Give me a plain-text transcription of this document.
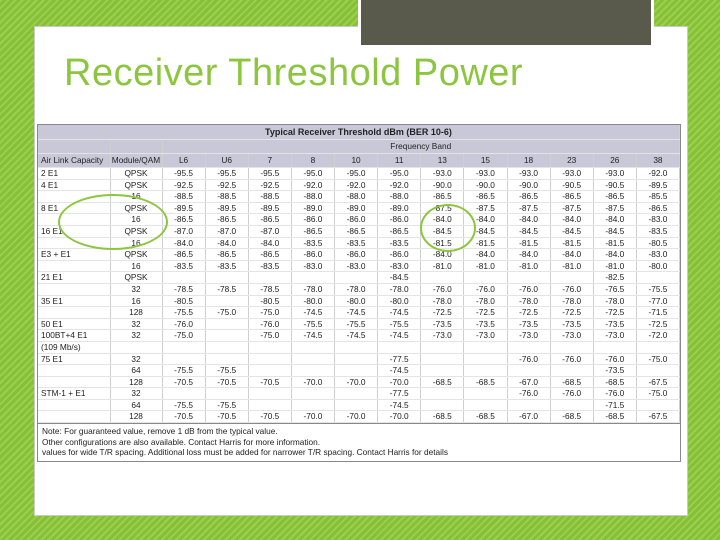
Receiver Threshold Power
Typical Receiver Threshold dBm (BER 10-6)													
		Frequency Band											
Air Link Capacity	Module/QAM	L6	U6	7	8	10	11	13	15	18	23	26	38
2 E1	QPSK	-95.5	-95.5	-95.5	-95.0	-95.0	-95.0	-93.0	-93.0	-93.0	-93.0	-93.0	-92.0
4 E1	QPSK	-92.5	-92.5	-92.5	-92.0	-92.0	-92.0	-90.0	-90.0	-90.0	-90.5	-90.5	-89.5
	16	-88.5	-88.5	-88.5	-88.0	-88.0	-88.0	-86.5	-86.5	-86.5	-86.5	-86.5	-85.5
8 E1	QPSK	-89.5	-89.5	-89.5	-89.0	-89.0	-89.0	-87.5	-87.5	-87.5	-87.5	-87.5	-86.5
	16	-86.5	-86.5	-86.5	-86.0	-86.0	-86.0	-84.0	-84.0	-84.0	-84.0	-84.0	-83.0
16 E1	QPSK	-87.0	-87.0	-87.0	-86.5	-86.5	-86.5	-84.5	-84.5	-84.5	-84.5	-84.5	-83.5
	16	-84.0	-84.0	-84.0	-83.5	-83.5	-83.5	-81.5	-81.5	-81.5	-81.5	-81.5	-80.5
E3 + E1	QPSK	-86.5	-86.5	-86.5	-86.0	-86.0	-86.0	-84.0	-84.0	-84.0	-84.0	-84.0	-83.0
	16	-83.5	-83.5	-83.5	-83.0	-83.0	-83.0	-81.0	-81.0	-81.0	-81.0	-81.0	-80.0
21 E1	QPSK						-84.5					-82.5	
	32	-78.5	-78.5	-78.5	-78.0	-78.0	-78.0	-76.0	-76.0	-76.0	-76.0	-76.5	-75.5
35 E1	16	-80.5		-80.5	-80.0	-80.0	-80.0	-78.0	-78.0	-78.0	-78.0	-78.0	-77.0
	128	-75.5	-75.0	-75.0	-74.5	-74.5	-74.5	-72.5	-72.5	-72.5	-72.5	-72.5	-71.5
50 E1	32	-76.0		-76.0	-75.5	-75.5	-75.5	-73.5	-73.5	-73.5	-73.5	-73.5	-72.5
100BT+4 E1	32	-75.0		-75.0	-74.5	-74.5	-74.5	-73.0	-73.0	-73.0	-73.0	-73.0	-72.0
(109 Mb/s)													
75 E1	32						-77.5			-76.0	-76.0	-76.0	-75.0
	64	-75.5	-75.5				-74.5					-73.5	
	128	-70.5	-70.5	-70.5	-70.0	-70.0	-70.0	-68.5	-68.5	-67.0	-68.5	-68.5	-67.5
STM-1 + E1	32						-77.5			-76.0	-76.0	-76.0	-75.0
	64	-75.5	-75.5				-74.5					-71.5	
	128	-70.5	-70.5	-70.5	-70.0	-70.0	-70.0	-68.5	-68.5	-67.0	-68.5	-68.5	-67.5
Note: For guaranteed value, remove 1 dB from the typical value.
Other configurations are also available. Contact Harris for more information.
values for wide T/R spacing. Additional loss must be added for narrower T/R spacing. Contact Harris for details
